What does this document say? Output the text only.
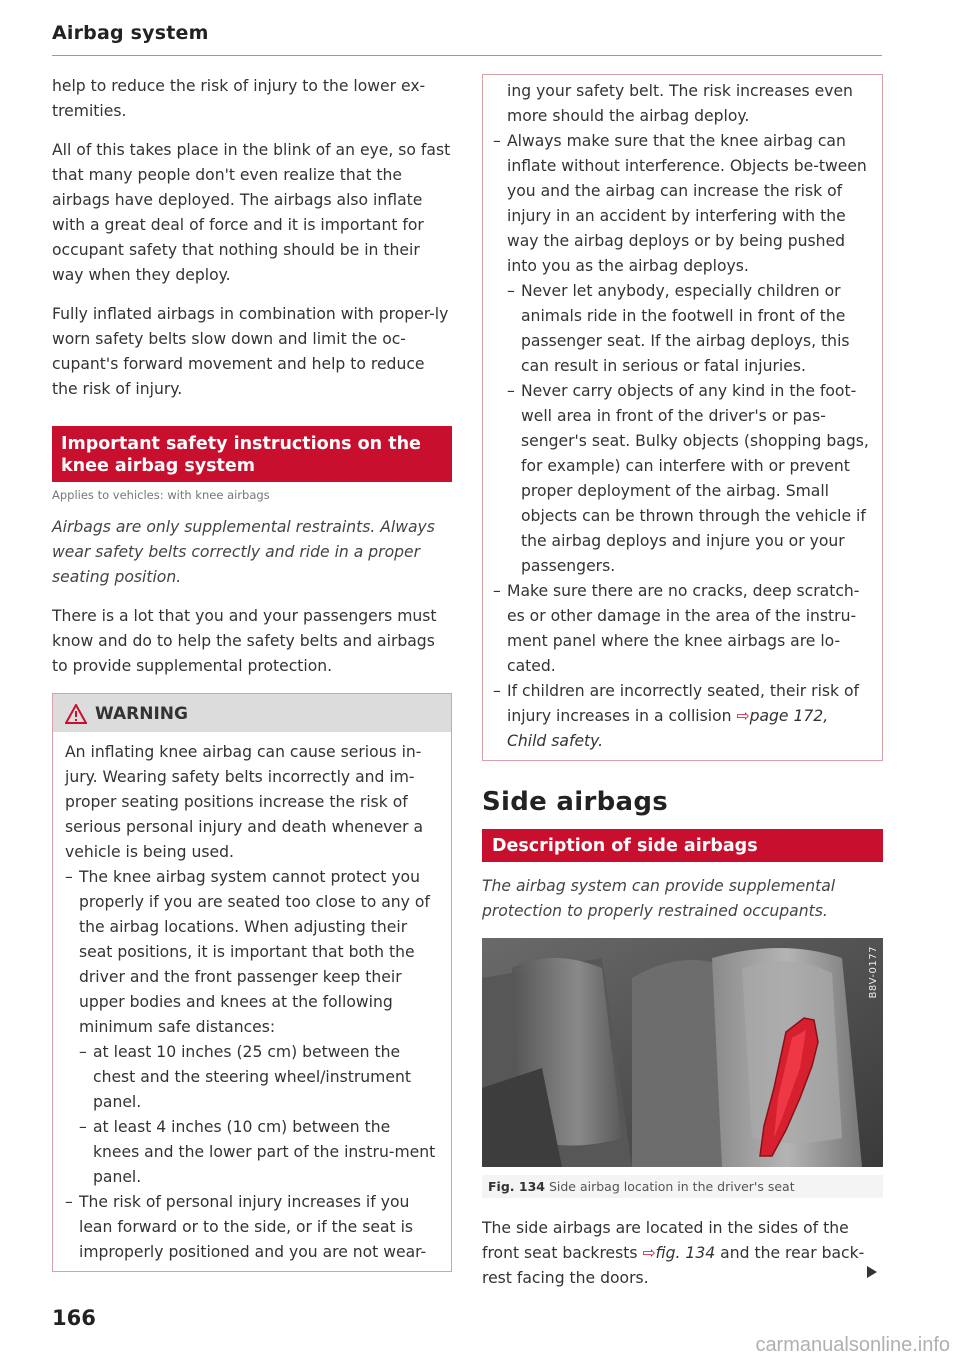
Airbag system

help to reduce the risk of injury to the lower ex-tremities.

All of this takes place in the blink of an eye, so fast that many people don't even realize that the airbags have deployed. The airbags also inflate with a great deal of force and it is important for occupant safety that nothing should be in their way when they deploy.

Fully inflated airbags in combination with proper-ly worn safety belts slow down and limit the oc-cupant's forward movement and help to reduce the risk of injury.

Important safety instructions on the knee airbag system
Applies to vehicles: with knee airbags

Airbags are only supplemental restraints. Always wear safety belts correctly and ride in a proper seating position.

There is a lot that you and your passengers must know and do to help the safety belts and airbags to provide supplemental protection.

WARNING

An inflating knee airbag can cause serious in-jury. Wearing safety belts incorrectly and im-proper seating positions increase the risk of serious personal injury and death whenever a vehicle is being used.

– The knee airbag system cannot protect you properly if you are seated too close to any of the airbag locations. When adjusting their seat positions, it is important that both the driver and the front passenger keep their upper bodies and knees at the following minimum safe distances:
– at least 10 inches (25 cm) between the chest and the steering wheel/instrument panel.
– at least 4 inches (10 cm) between the knees and the lower part of the instru-ment panel.
– The risk of personal injury increases if you lean forward or to the side, or if the seat is improperly positioned and you are not wear-

ing your safety belt. The risk increases even more should the airbag deploy.

– Always make sure that the knee airbag can inflate without interference. Objects be-tween you and the airbag can increase the risk of injury in an accident by interfering with the way the airbag deploys or by being pushed into you as the airbag deploys.
– Never let anybody, especially children or animals ride in the footwell in front of the passenger seat. If the airbag deploys, this can result in serious or fatal injuries.
– Never carry objects of any kind in the foot-well area in front of the driver's or pas-senger's seat. Bulky objects (shopping bags, for example) can interfere with or prevent proper deployment of the airbag. Small objects can be thrown through the vehicle if the airbag deploys and injure you or your passengers.
– Make sure there are no cracks, deep scratch-es or other damage in the area of the instru-ment panel where the knee airbags are lo-cated.
– If children are incorrectly seated, their risk of injury increases in a collision ⇨page 172, Child safety.
Side airbags
Description of side airbags

The airbag system can provide supplemental protection to properly restrained occupants.

B8V-0177
Fig. 134 Side airbag location in the driver's seat

The side airbags are located in the sides of the front seat backrests ⇨fig. 134 and the rear back-rest facing the doors.

166
carmanualsonline.info
